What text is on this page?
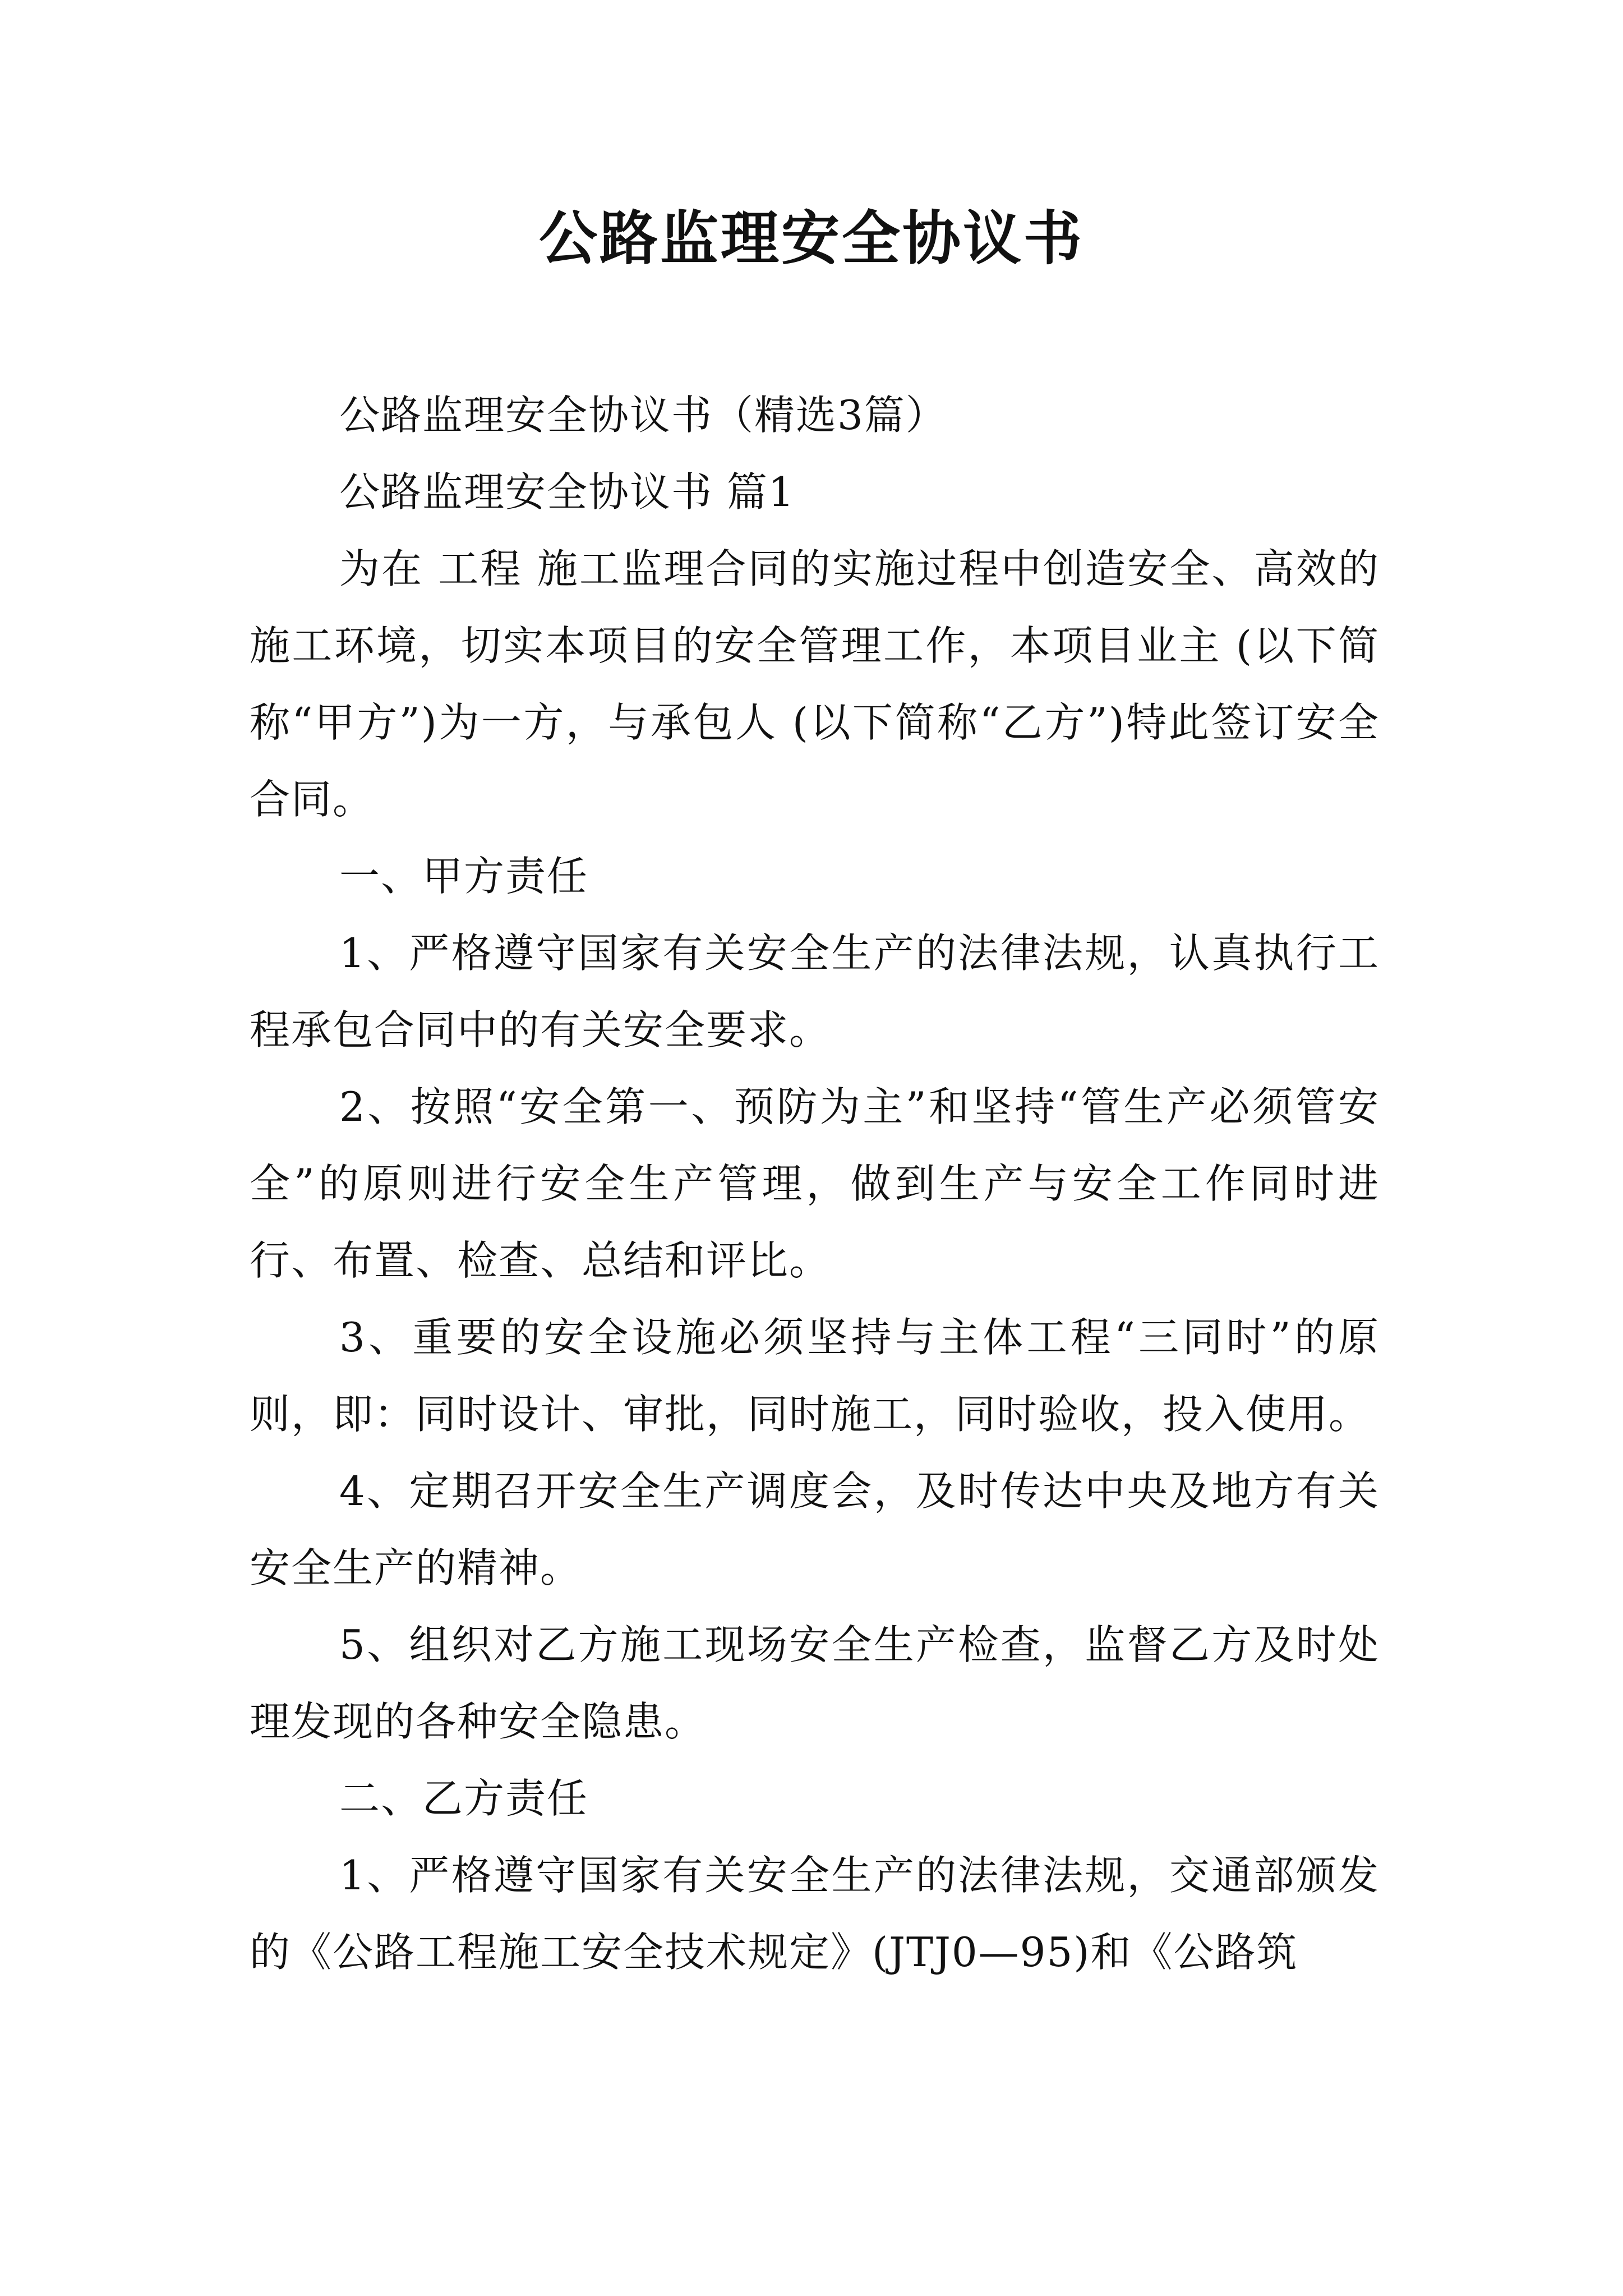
公路监理安全协议书

公路监理安全协议书（精选3篇）

公路监理安全协议书 篇1

为在 工程 施工监理合同的实施过程中创造安全、高效的施工环境，切实本项目的安全管理工作，本项目业主 (以下简称“甲方”)为一方，与承包人 (以下简称“乙方”)特此签订安全合同。

一、甲方责任

1、严格遵守国家有关安全生产的法律法规，认真执行工程承包合同中的有关安全要求。

2、按照“安全第一、预防为主”和坚持“管生产必须管安全”的原则进行安全生产管理，做到生产与安全工作同时进行、布置、检查、总结和评比。

3、重要的安全设施必须坚持与主体工程“三同时”的原则，即：同时设计、审批，同时施工，同时验收，投入使用。

4、定期召开安全生产调度会，及时传达中央及地方有关安全生产的精神。

5、组织对乙方施工现场安全生产检查，监督乙方及时处理发现的各种安全隐患。

二、乙方责任

1、严格遵守国家有关安全生产的法律法规，交通部颁发的《公路工程施工安全技术规定》(JTJ0—95)和《公路筑
